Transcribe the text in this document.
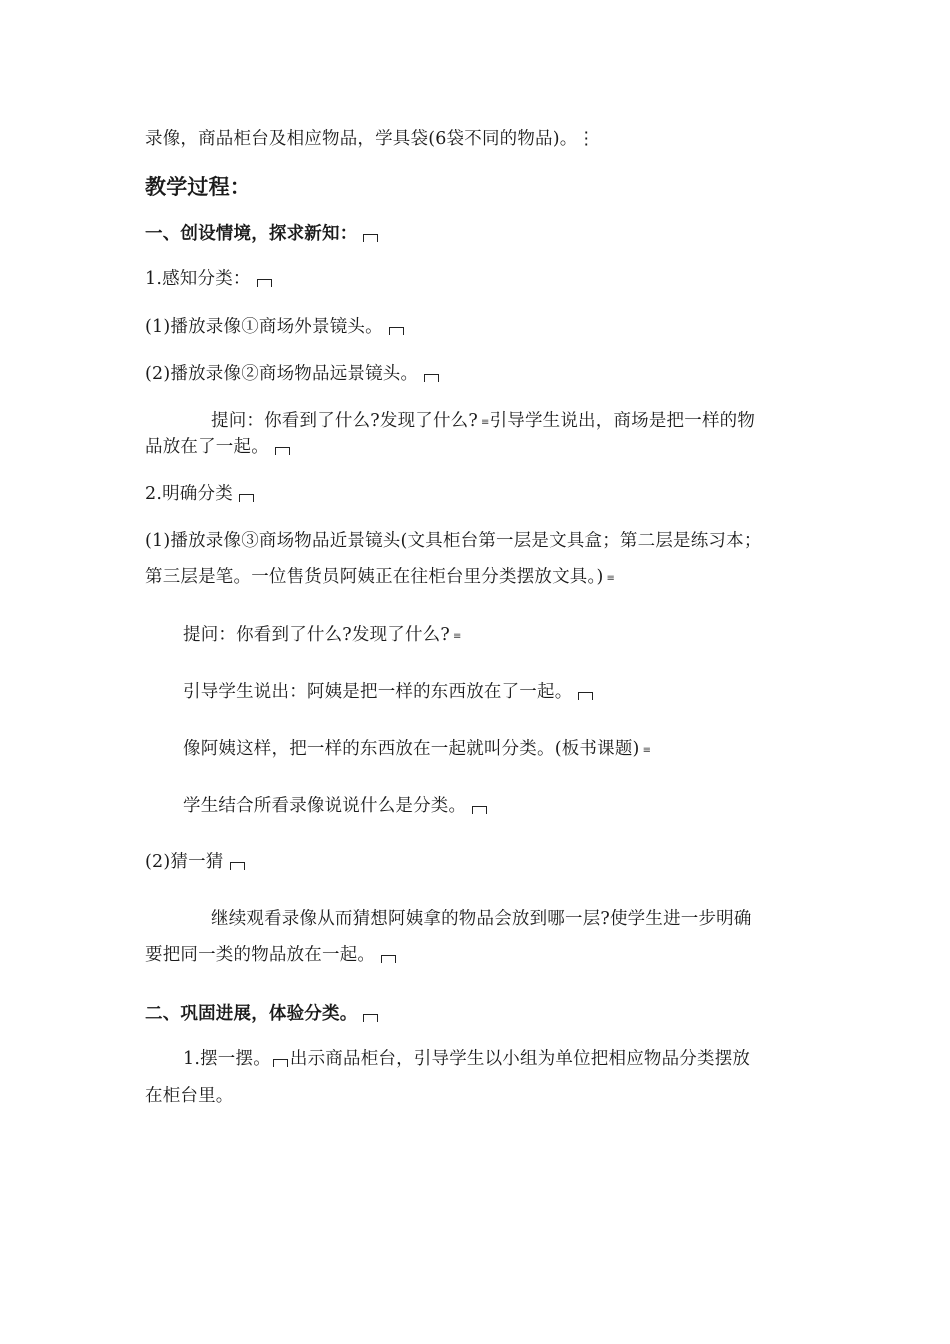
录像，商品柜台及相应物品，学具袋(6袋不同的物品)。⋮
教学过程：
一、创设情境，探求新知：
1.感知分类：
(1)播放录像①商场外景镜头。
(2)播放录像②商场物品远景镜头。
提问：你看到了什么?发现了什么? ≡引导学生说出，商场是把一样的物
品放在了一起。
2.明确分类
(1)播放录像③商场物品近景镜头(文具柜台第一层是文具盒；第二层是练习本；
第三层是笔。一位售货员阿姨正在往柜台里分类摆放文具。) ≡
提问：你看到了什么?发现了什么? ≡
引导学生说出：阿姨是把一样的东西放在了一起。
像阿姨这样，把一样的东西放在一起就叫分类。(板书课题) ≡
学生结合所看录像说说什么是分类。
(2)猜一猜
继续观看录像从而猜想阿姨拿的物品会放到哪一层?使学生进一步明确
要把同一类的物品放在一起。
二、巩固进展，体验分类。
1.摆一摆。 出示商品柜台，引导学生以小组为单位把相应物品分类摆放
在柜台里。
